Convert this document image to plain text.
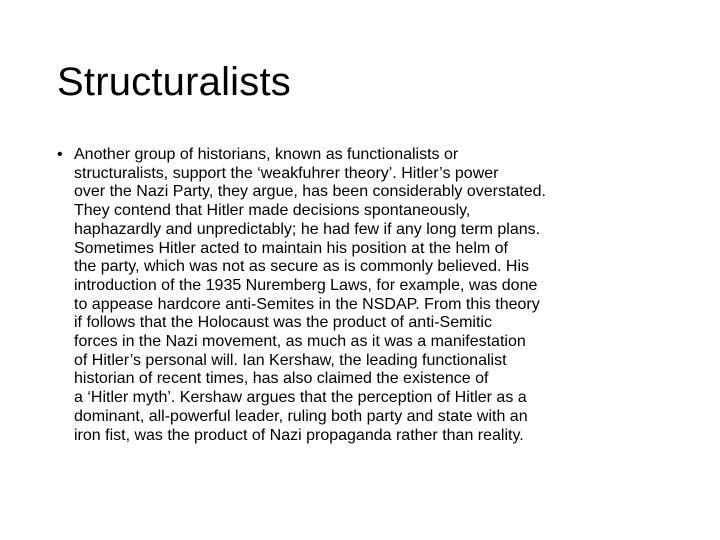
Structuralists
• Another group of historians, known as functionalists or
structuralists, support the ‘weakfuhrer theory’. Hitler’s power
over the Nazi Party, they argue, has been considerably overstated.
They contend that Hitler made decisions spontaneously,
haphazardly and unpredictably; he had few if any long term plans.
Sometimes Hitler acted to maintain his position at the helm of
the party, which was not as secure as is commonly believed. His
introduction of the 1935 Nuremberg Laws, for example, was done
to appease hardcore anti-Semites in the NSDAP. From this theory
if follows that the Holocaust was the product of anti-Semitic
forces in the Nazi movement, as much as it was a manifestation
of Hitler’s personal will. Ian Kershaw, the leading functionalist
historian of recent times, has also claimed the existence of
a ‘Hitler myth’. Kershaw argues that the perception of Hitler as a
dominant, all-powerful leader, ruling both party and state with an
iron fist, was the product of Nazi propaganda rather than reality.
